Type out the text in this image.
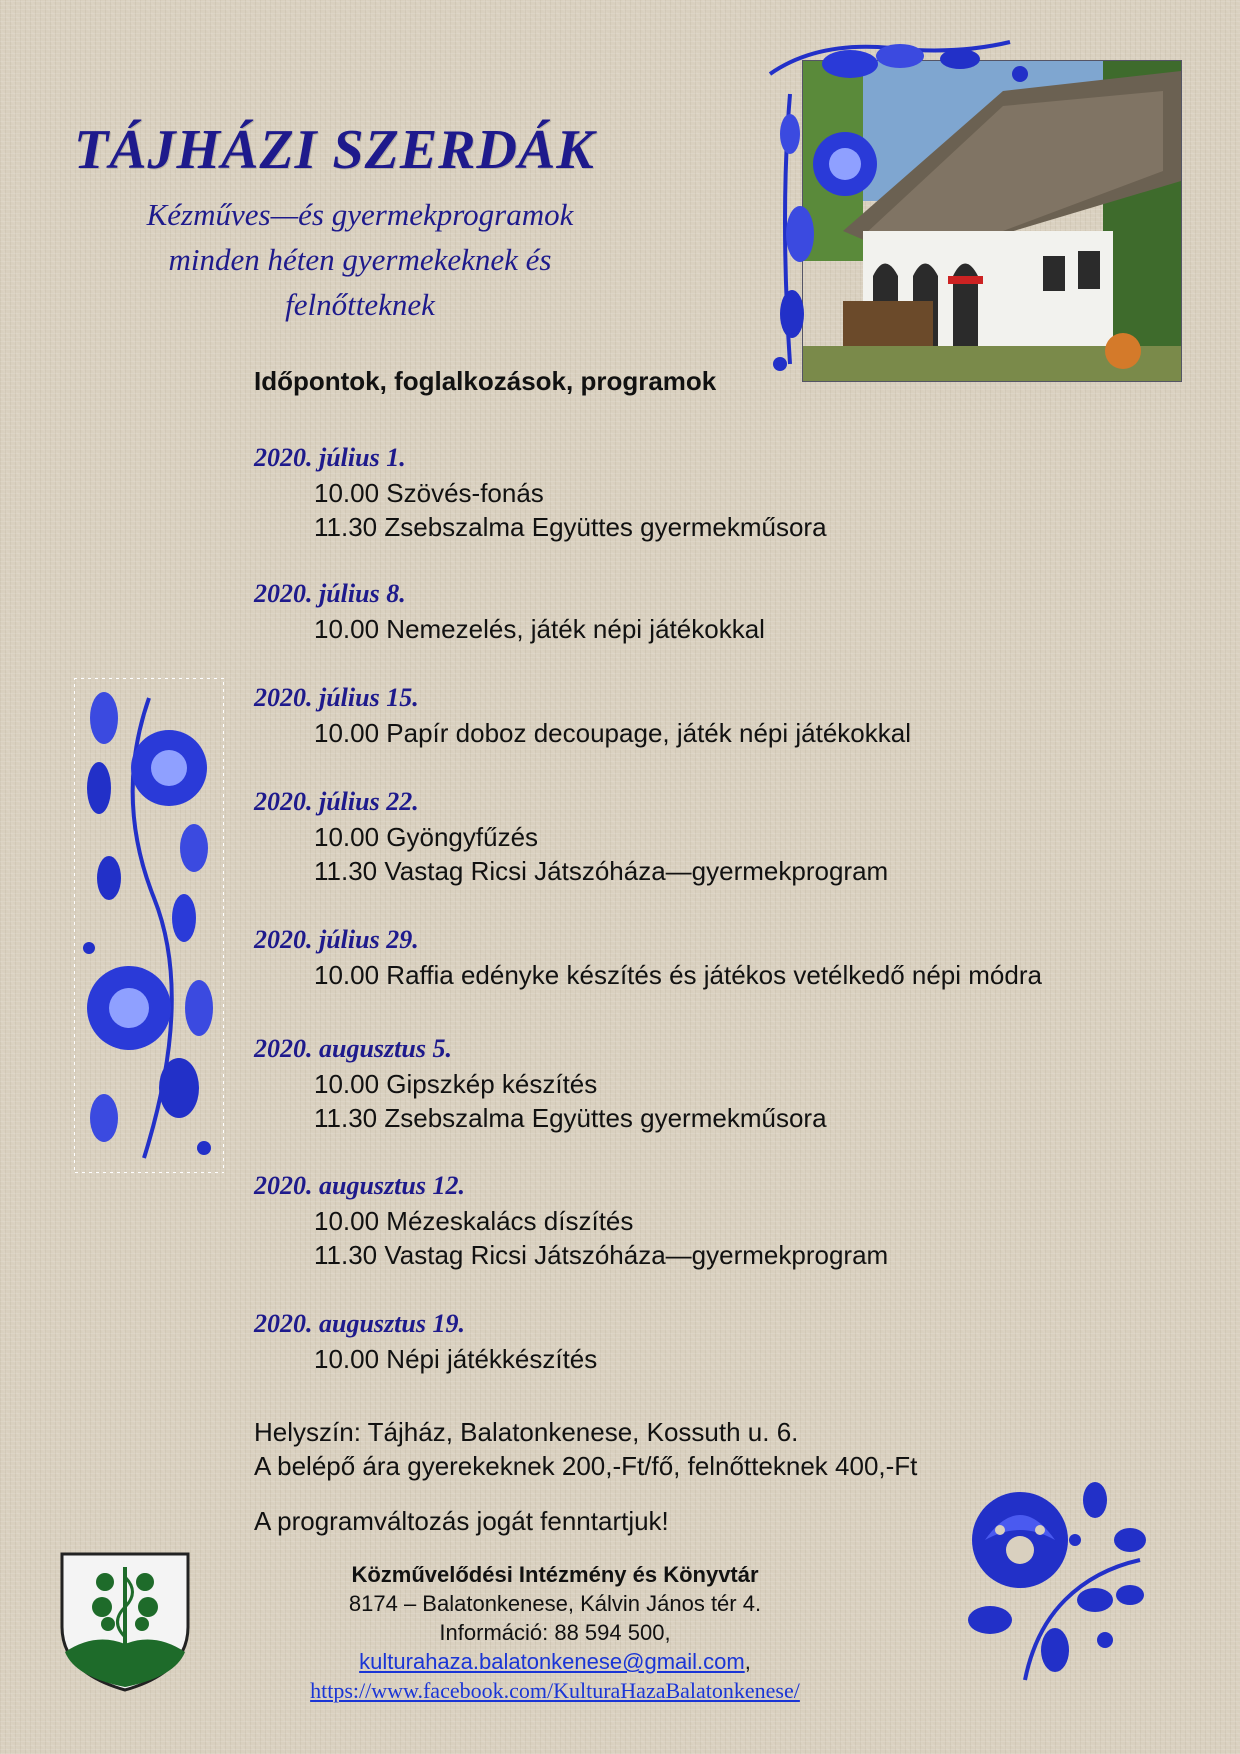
TÁJHÁZI SZERDÁK
Kézműves—és gyermekprogramok
minden héten gyermekeknek és
felnőtteknek
Időpontok, foglalkozások, programok
2020. július 1.
10.00 Szövés-fonás
11.30 Zsebszalma Együttes gyermekműsora
2020. július 8.
10.00 Nemezelés, játék népi játékokkal
2020. július 15.
10.00 Papír doboz decoupage, játék népi játékokkal
2020. július 22.
10.00 Gyöngyfűzés
11.30 Vastag Ricsi Játszóháza—gyermekprogram
2020. július 29.
10.00 Raffia edényke készítés és játékos vetélkedő népi módra
2020. augusztus 5.
10.00 Gipszkép készítés
11.30 Zsebszalma Együttes gyermekműsora
2020. augusztus 12.
10.00 Mézeskalács díszítés
11.30 Vastag Ricsi Játszóháza—gyermekprogram
2020. augusztus 19.
10.00 Népi játékkészítés
Helyszín: Tájház, Balatonkenese, Kossuth u. 6.
A belépő ára gyerekeknek 200,-Ft/fő, felnőtteknek 400,-Ft
A programváltozás jogát fenntartjuk!
Közművelődési Intézmény és Könyvtár
8174 – Balatonkenese, Kálvin János tér 4.
Információ: 88 594 500,
kulturahaza.balatonkenese@gmail.com,
https://www.facebook.com/KulturaHazaBalatonkenese/
